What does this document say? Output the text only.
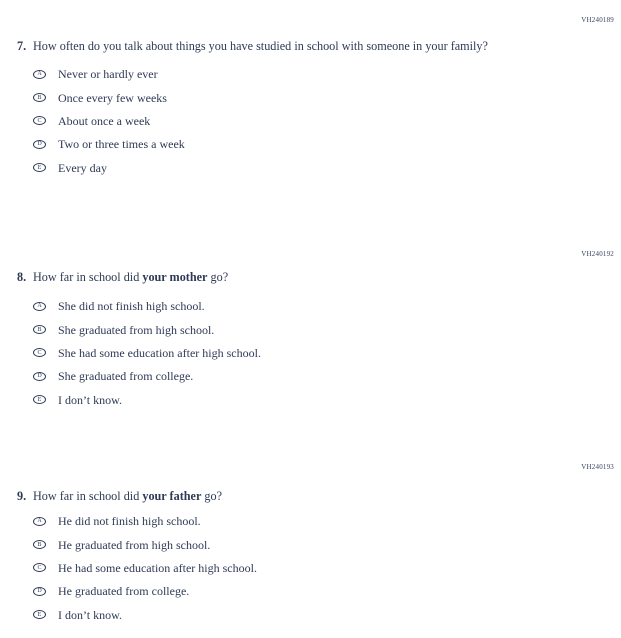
VH240189
VH240192
VH240193
7. How often do you talk about things you have studied in school with someone in your family?
A	Never or hardly ever
B	Once every few weeks
C	About once a week
D	Two or three times a week
E	Every day
8. How far in school did your mother go?
A	She did not finish high school.
B	She graduated from high school.
C	She had some education after high school.
D	She graduated from college.
E	I don’t know.
9. How far in school did your father go?
A	He did not finish high school.
B	He graduated from high school.
C	He had some education after high school.
D	He graduated from college.
E	I don’t know.
